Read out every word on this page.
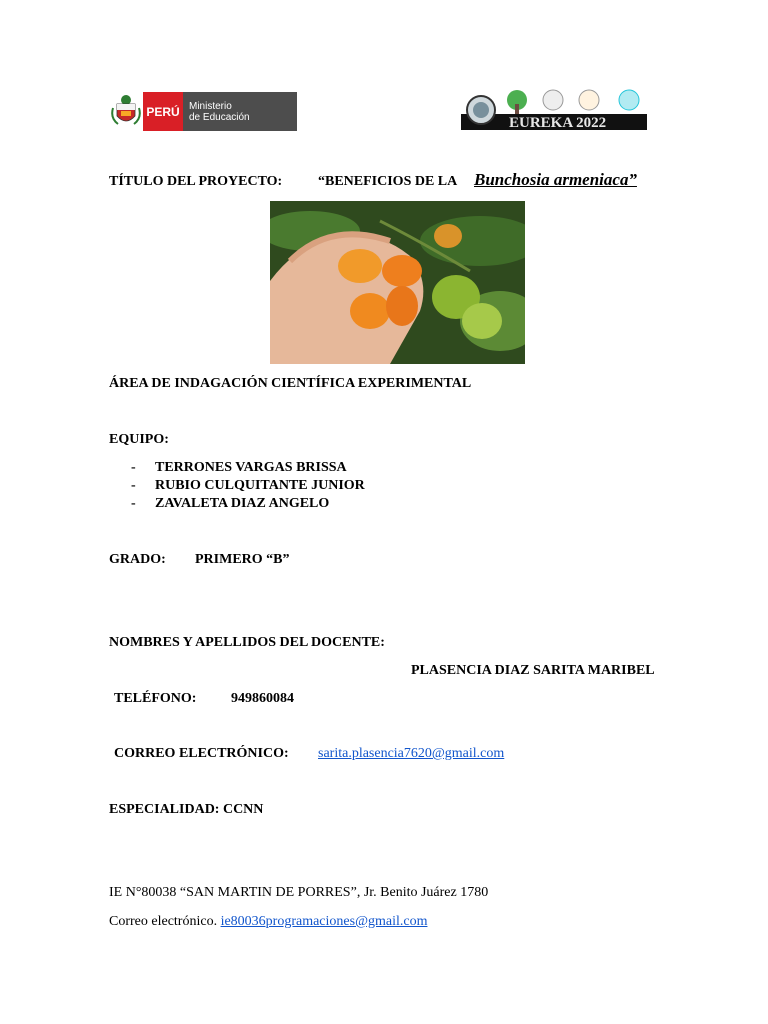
PERÚ Ministerio
de Educación	EUREKA 2022
TÍTULO DEL PROYECTO:	“BENEFICIOS DE LA Bunchosia armeniaca”
ÁREA DE INDAGACIÓN CIENTÍFICA EXPERIMENTAL
EQUIPO:
- TERRONES VARGAS BRISSA
- RUBIO CULQUITANTE JUNIOR
- ZAVALETA DIAZ ANGELO
GRADO: PRIMERO “B”
NOMBRES Y APELLIDOS DEL DOCENTE:
PLASENCIA DIAZ SARITA MARIBEL
TELÉFONO: 949860084
CORREO ELECTRÓNICO: sarita.plasencia7620@gmail.com
ESPECIALIDAD: CCNN
IE N°80038 “SAN MARTIN DE PORRES”, Jr. Benito Juárez 1780
Correo electrónico. ie80036programaciones@gmail.com
